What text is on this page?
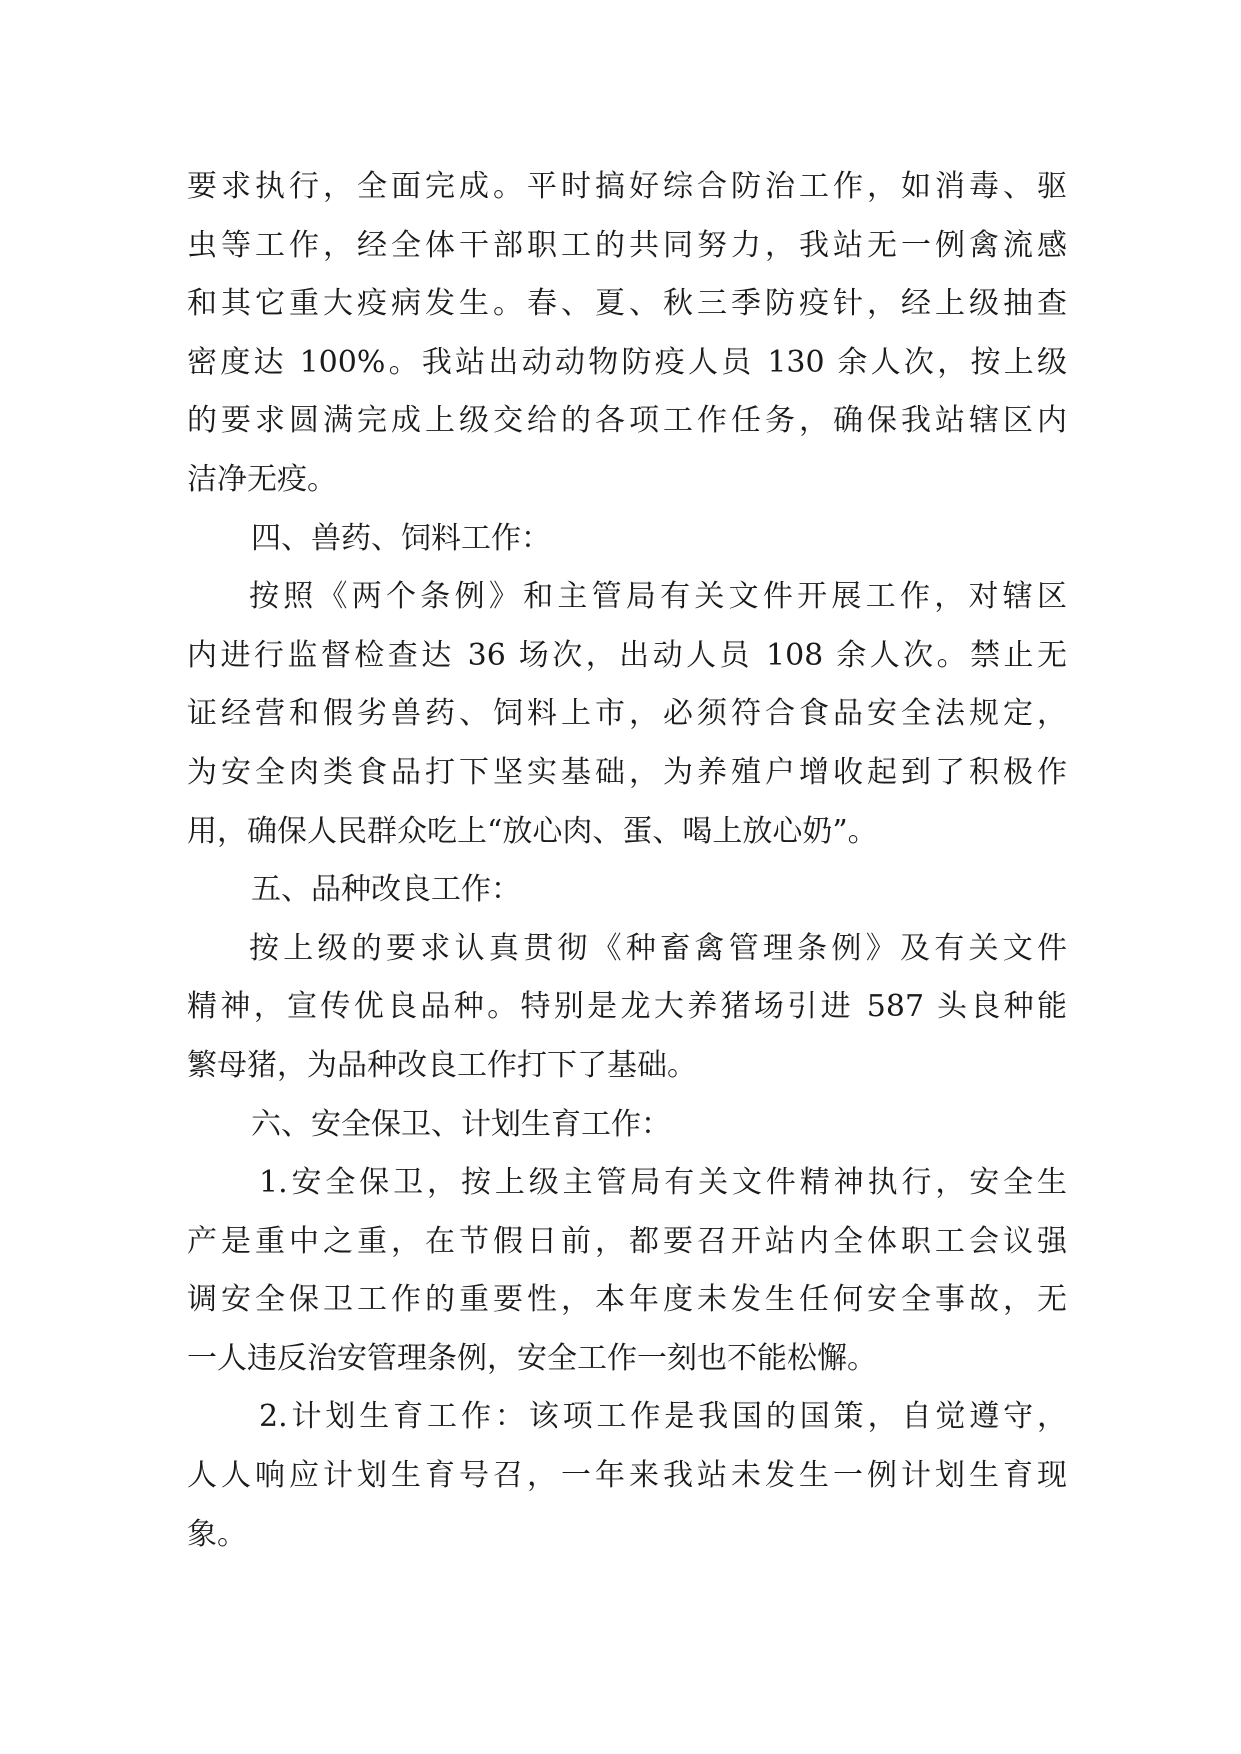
要求执行，全面完成。平时搞好综合防治工作，如消毒、驱
虫等工作，经全体干部职工的共同努力，我站无一例禽流感
和其它重大疫病发生。春、夏、秋三季防疫针，经上级抽查
密度达 100%。我站出动动物防疫人员 130 余人次，按上级
的要求圆满完成上级交给的各项工作任务，确保我站辖区内
洁净无疫。
四、兽药、饲料工作：
按照《两个条例》和主管局有关文件开展工作，对辖区
内进行监督检查达 36 场次，出动人员 108 余人次。禁止无
证经营和假劣兽药、饲料上市，必须符合食品安全法规定，
为安全肉类食品打下坚实基础，为养殖户增收起到了积极作
用，确保人民群众吃上“放心肉、蛋、喝上放心奶”。
五、品种改良工作：
按上级的要求认真贯彻《种畜禽管理条例》及有关文件
精神，宣传优良品种。特别是龙大养猪场引进 587 头良种能
繁母猪，为品种改良工作打下了基础。
六、安全保卫、计划生育工作：
1.安全保卫，按上级主管局有关文件精神执行，安全生
产是重中之重，在节假日前，都要召开站内全体职工会议强
调安全保卫工作的重要性，本年度未发生任何安全事故，无
一人违反治安管理条例，安全工作一刻也不能松懈。
2.计划生育工作：该项工作是我国的国策，自觉遵守，
人人响应计划生育号召，一年来我站未发生一例计划生育现
象。
